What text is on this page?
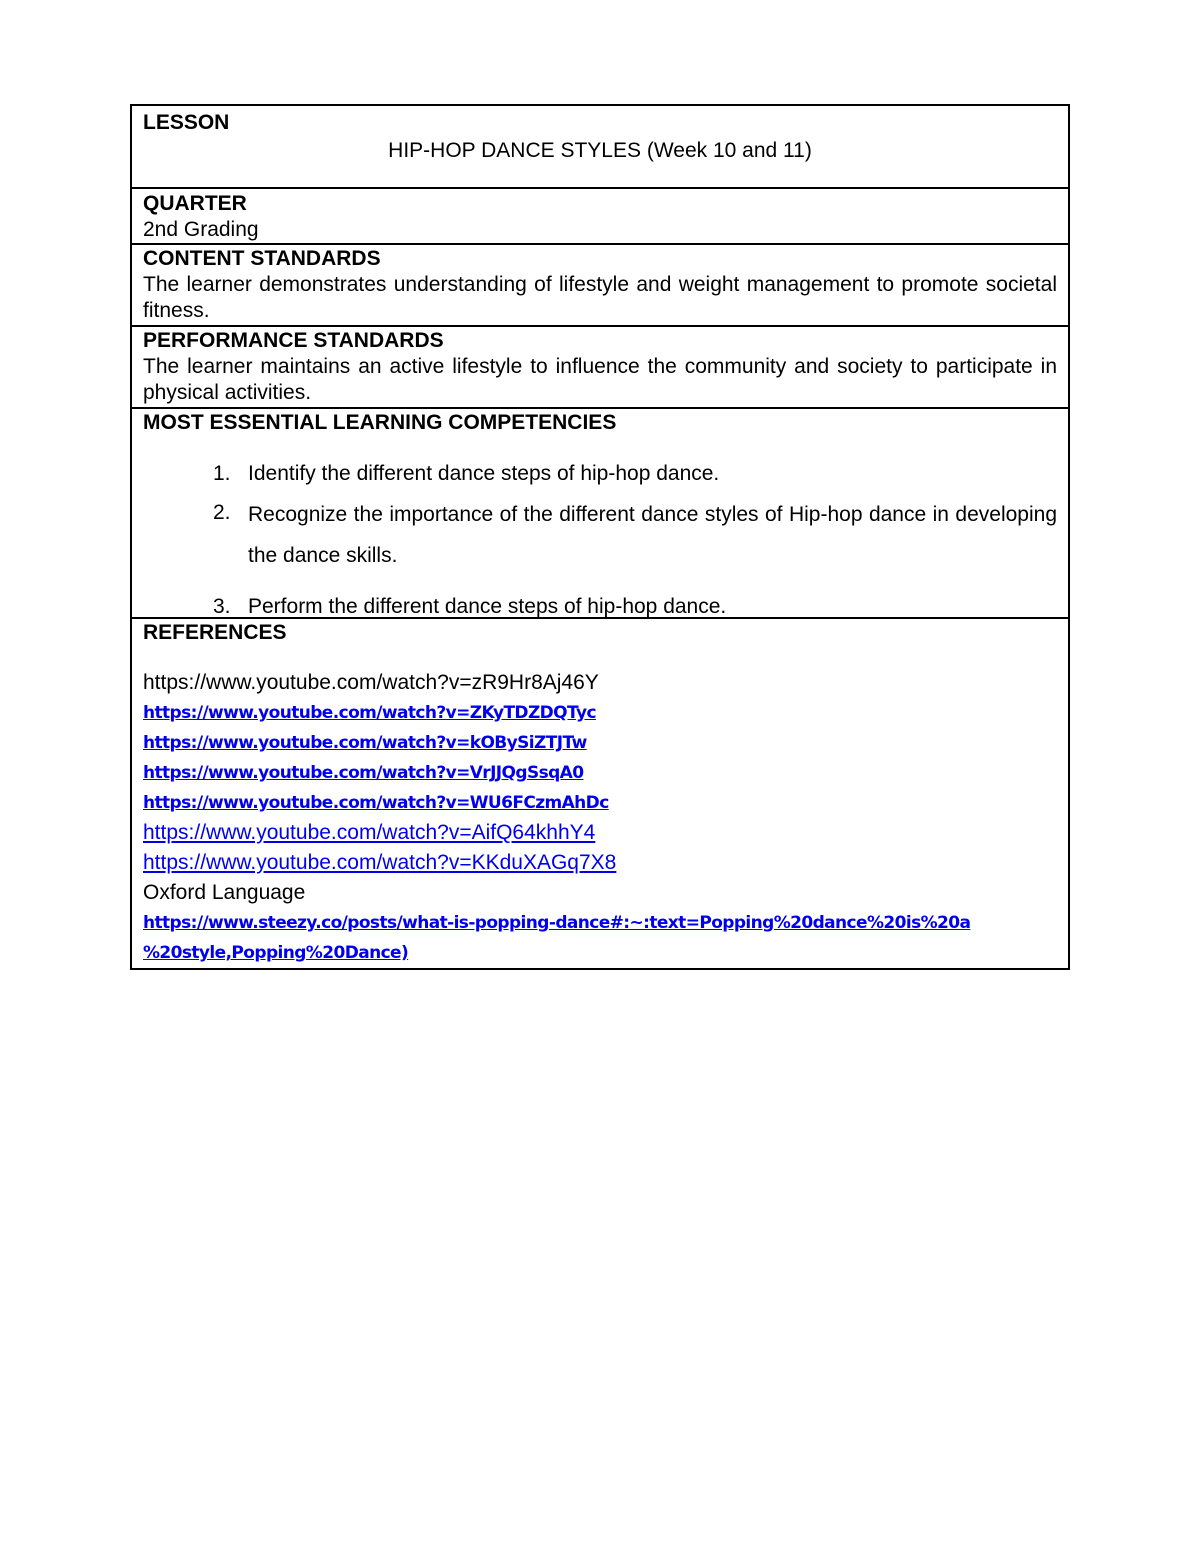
LESSON
HIP-HOP DANCE STYLES (Week 10 and 11)
QUARTER
2nd Grading
CONTENT STANDARDS
The learner demonstrates understanding of lifestyle and weight management to promote societal fitness.
PERFORMANCE STANDARDS
The learner maintains an active lifestyle to influence the community and society to participate in physical activities.
MOST ESSENTIAL LEARNING COMPETENCIES
1. Identify the different dance steps of hip-hop dance.
2. Recognize the importance of the different dance styles of Hip-hop dance in developing the dance skills.
3. Perform the different dance steps of hip-hop dance.
REFERENCES
https://www.youtube.com/watch?v=zR9Hr8Aj46Y
https://www.youtube.com/watch?v=ZKyTDZDQTyc
https://www.youtube.com/watch?v=kOBySiZTJTw
https://www.youtube.com/watch?v=VrJJQgSsqA0
https://www.youtube.com/watch?v=WU6FCzmAhDc
https://www.youtube.com/watch?v=AifQ64khhY4
https://www.youtube.com/watch?v=KKduXAGq7X8
Oxford Language
https://www.steezy.co/posts/what-is-popping-dance#:~:text=Popping%20dance%20is%20a
%20style,Popping%20Dance)
